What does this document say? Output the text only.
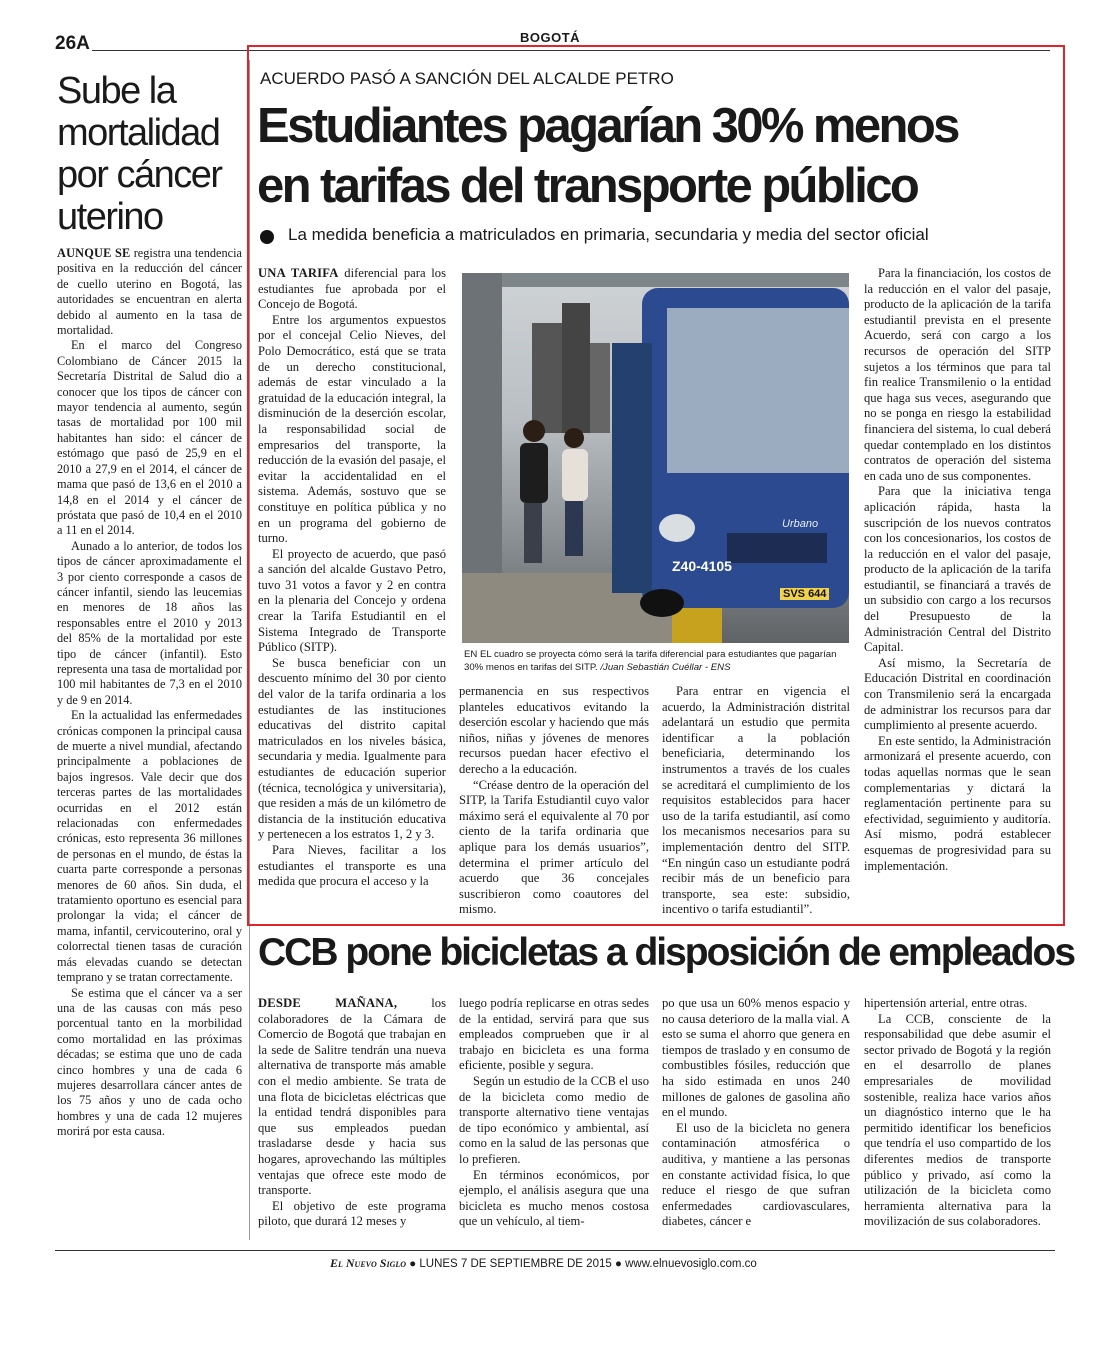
26A	BOGOTÁ
Sube la mortalidad por cáncer uterino

AUNQUE SE registra una tendencia positiva en la reducción del cáncer de cuello uterino en Bogotá, las autoridades se encuentran en alerta debido al aumento en la tasa de mortalidad.

En el marco del Congreso Colombiano de Cáncer 2015 la Secretaría Distrital de Salud dio a conocer que los tipos de cáncer con mayor tendencia al aumento, según tasas de mortalidad por 100 mil habitantes han sido: el cáncer de estómago que pasó de 25,9 en el 2010 a 27,9 en el 2014, el cáncer de mama que pasó de 13,6 en el 2010 a 14,8 en el 2014 y el cáncer de próstata que pasó de 10,4 en el 2010 a 11 en el 2014.

Aunado a lo anterior, de todos los tipos de cáncer aproximadamente el 3 por ciento corresponde a casos de cáncer infantil, siendo las leucemias en menores de 18 años las responsables entre el 2010 y 2013 del 85% de la mortalidad por este tipo de cáncer (infantil). Esto representa una tasa de mortalidad por 100 mil habitantes de 7,3 en el 2010 y de 9 en 2014.

En la actualidad las enfermedades crónicas componen la principal causa de muerte a nivel mundial, afectando principalmente a poblaciones de bajos ingresos. Vale decir que dos terceras partes de las mortalidades ocurridas en el 2012 están relacionadas con enfermedades crónicas, esto representa 36 millones de personas en el mundo, de éstas la cuarta parte corresponde a personas menores de 60 años. Sin duda, el tratamiento oportuno es esencial para prolongar la vida; el cáncer de mama, infantil, cervicouterino, oral y colorrectal tienen tasas de curación más elevadas cuando se detectan temprano y se tratan correctamente.

Se estima que el cáncer va a ser una de las causas con más peso porcentual tanto en la morbilidad como mortalidad en las próximas décadas; se estima que uno de cada cinco hombres y una de cada 6 mujeres desarrollara cáncer antes de los 75 años y uno de cada ocho hombres y una de cada 12 mujeres morirá por esta causa.

ACUERDO PASÓ A SANCIÓN DEL ALCALDE PETRO
Estudiantes pagarían 30% menos
en tarifas del transporte público
La medida beneficia a matriculados en primaria, secundaria y media del sector oficial

UNA TARIFA diferencial para los estudiantes fue aprobada por el Concejo de Bogotá.

Entre los argumentos expuestos por el concejal Celio Nieves, del Polo Democrático, está que se trata de un derecho constitucional, además de estar vinculado a la gratuidad de la educación integral, la disminución de la deserción escolar, la responsabilidad social de empresarios del transporte, la reducción de la evasión del pasaje, el evitar la accidentalidad en el sistema. Además, sostuvo que se constituye en política pública y no en un programa del gobierno de turno.

El proyecto de acuerdo, que pasó a sanción del alcalde Gustavo Petro, tuvo 31 votos a favor y 2 en contra en la plenaria del Concejo y ordena crear la Tarifa Estudiantil en el Sistema Integrado de Transporte Público (SITP).

Se busca beneficiar con un descuento mínimo del 30 por ciento del valor de la tarifa ordinaria a los estudiantes de las instituciones educativas del distrito capital matriculados en los niveles básica, secundaria y media. Igualmente para estudiantes de educación superior (técnica, tecnológica y universitaria), que residen a más de un kilómetro de distancia de la institución educativa y pertenecen a los estratos 1, 2 y 3.

Para Nieves, facilitar a los estudiantes el transporte es una medida que procura el acceso y la

Z40-4105
Urbano
SVS 644
EN EL cuadro se proyecta cómo será la tarifa diferencial para estudiantes que pagarían 30% menos en tarifas del SITP. /Juan Sebastián Cuéllar - ENS

permanencia en sus respectivos planteles educativos evitando la deserción escolar y haciendo que más niños, niñas y jóvenes de menores recursos puedan hacer efectivo el derecho a la educación.

“Créase dentro de la operación del SITP, la Tarifa Estudiantil cuyo valor máximo será el equivalente al 70 por ciento de la tarifa ordinaria que aplique para los demás usuarios”, determina el primer artículo del acuerdo que 36 concejales suscribieron como coautores del mismo.

Para entrar en vigencia el acuerdo, la Administración distrital adelantará un estudio que permita identificar a la población beneficiaria, determinando los instrumentos a través de los cuales se acreditará el cumplimiento de los requisitos establecidos para hacer uso de la tarifa estudiantil, así como los mecanismos necesarios para su implementación dentro del SITP. “En ningún caso un estudiante podrá recibir más de un beneficio para transporte, sea este: subsidio, incentivo o tarifa estudiantil”.

Para la financiación, los costos de la reducción en el valor del pasaje, producto de la aplicación de la tarifa estudiantil prevista en el presente Acuerdo, será con cargo a los recursos de operación del SITP sujetos a los términos que para tal fin realice Transmilenio o la entidad que haga sus veces, asegurando que no se ponga en riesgo la estabilidad financiera del sistema, lo cual deberá quedar contemplado en los distintos contratos de operación del sistema en cada uno de sus componentes.

Para que la iniciativa tenga aplicación rápida, hasta la suscripción de los nuevos contratos con los concesionarios, los costos de la reducción en el valor del pasaje, producto de la aplicación de la tarifa estudiantil, se financiará a través de un subsidio con cargo a los recursos del Presupuesto de la Administración Central del Distrito Capital.

Así mismo, la Secretaría de Educación Distrital en coordinación con Transmilenio será la encargada de administrar los recursos para dar cumplimiento al presente acuerdo.

En este sentido, la Administración armonizará el presente acuerdo, con todas aquellas normas que le sean complementarias y dictará la reglamentación pertinente para su efectividad, seguimiento y auditoría. Así mismo, podrá establecer esquemas de progresividad para su implementación.

CCB pone bicicletas a disposición de empleados

DESDE MAÑANA,	los colaboradores de la Cámara de Comercio de Bogotá que trabajan en la sede de Salitre tendrán una nueva alternativa de transporte más amable con el medio ambiente. Se trata de una flota de bicicletas eléctricas que la entidad tendrá disponibles para que sus empleados puedan trasladarse desde y hacia sus hogares, aprovechando las múltiples ventajas que ofrece este modo de transporte.

El objetivo de este programa piloto, que durará 12 meses y

luego podría replicarse en otras sedes de la entidad, servirá para que sus empleados comprueben que ir al trabajo en bicicleta es una forma eficiente, posible y segura.

Según un estudio de la CCB el uso de la bicicleta como medio de transporte alternativo tiene ventajas de tipo económico y ambiental, así como en la salud de las personas que lo prefieren.

En términos económicos, por ejemplo, el análisis asegura que una bicicleta es mucho menos costosa que un vehículo, al tiem-

po que usa un 60% menos espacio y no causa deterioro de la malla vial. A esto se suma el ahorro que genera en tiempos de traslado y en consumo de combustibles fósiles, reducción que ha sido estimada en unos 240 millones de galones de gasolina año en el mundo.

El uso de la bicicleta no genera contaminación atmosférica o auditiva, y mantiene a las personas en constante actividad física, lo que reduce el riesgo de que sufran enfermedades cardiovasculares, diabetes, cáncer e

hipertensión arterial, entre otras.

La CCB, consciente de la responsabilidad que debe asumir el sector privado de Bogotá y la región en el desarrollo de planes empresariales de movilidad sostenible, realiza hace varios años un diagnóstico interno que le ha permitido identificar los beneficios que tendría el uso compartido de los diferentes medios de transporte público y privado, así como la utilización de la bicicleta como herramienta alternativa para la movilización de sus colaboradores.

El Nuevo Siglo ● LUNES 7 DE SEPTIEMBRE DE 2015 ● www.elnuevosiglo.com.co
